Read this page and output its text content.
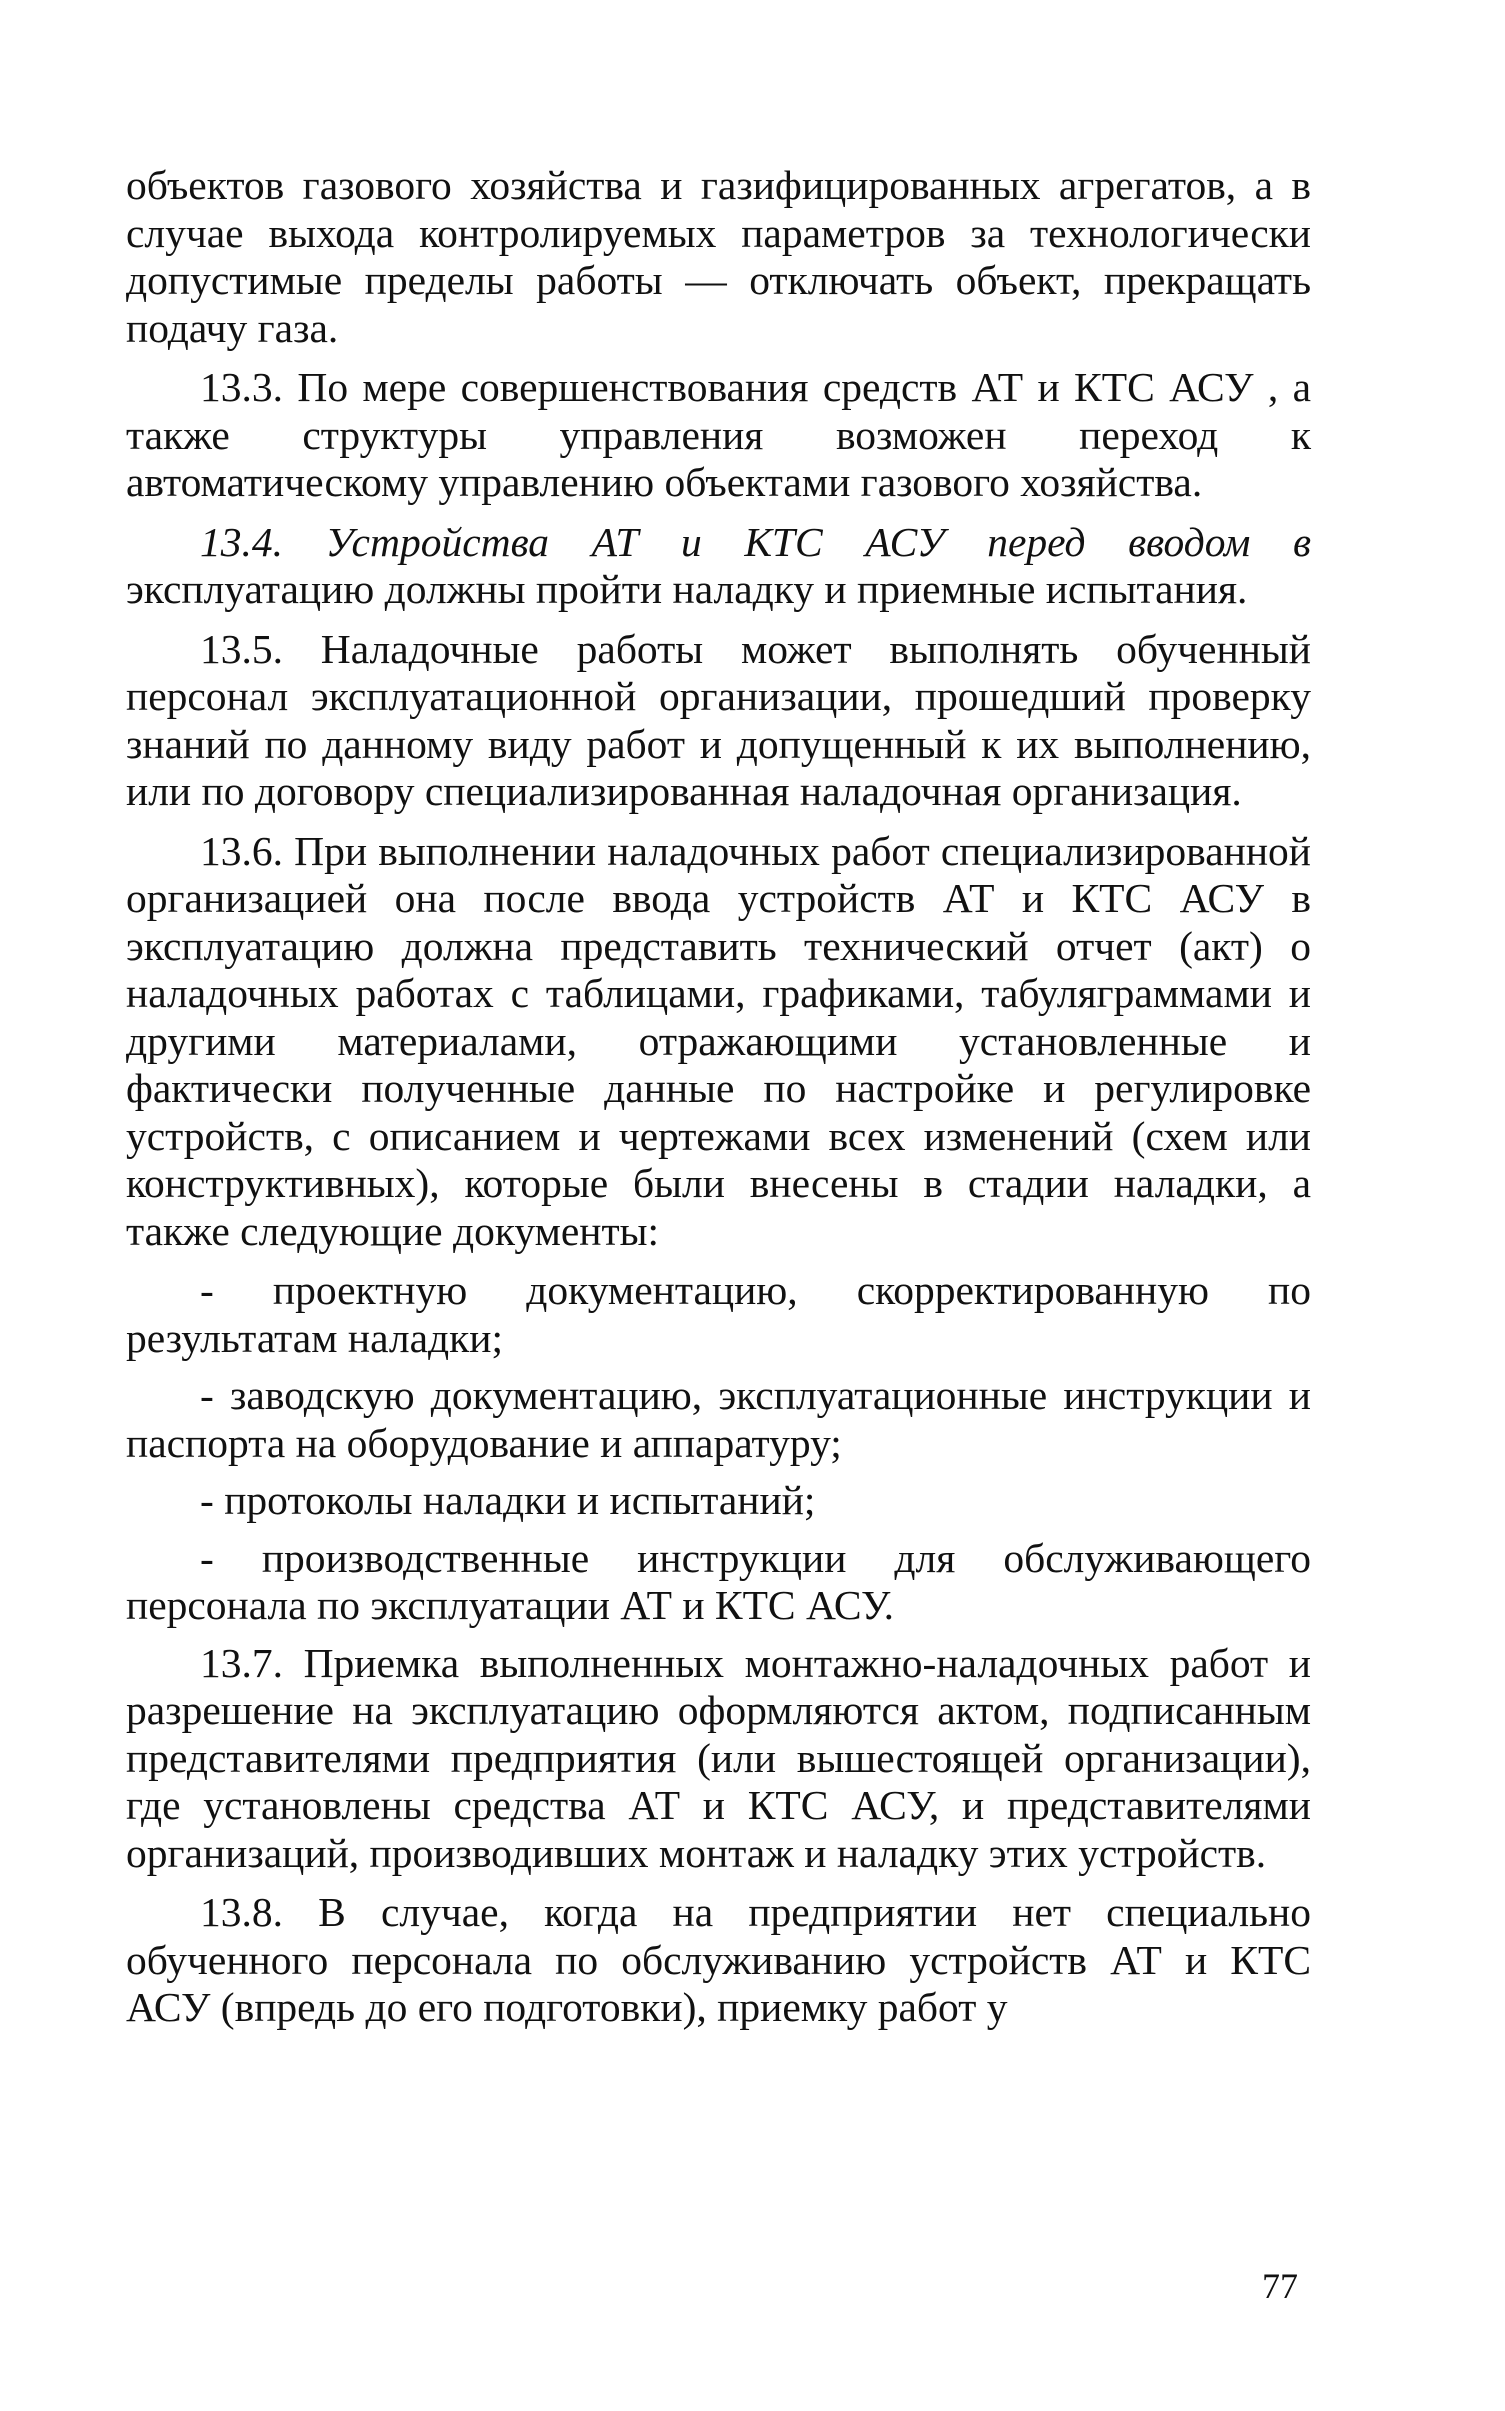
объектов газового хозяйства и газифицированных агрегатов, а в случае выхода контролируемых параметров за технологически допустимые пределы работы — отключать объект, прекращать подачу газа.

13.3. По мере совершенствования средств АТ и КТС АСУ , а также структуры управления возможен переход к автоматическому управлению объектами газового хозяйства.

13.4. Устройства АТ и КТС АСУ перед вводом в эксплуатацию должны пройти наладку и приемные испытания.

13.5. Наладочные работы может выполнять обученный персонал эксплуатационной организации, прошедший проверку знаний по данному виду работ и допущенный к их выполнению, или по договору специализированная наладочная организация.

13.6. При выполнении наладочных работ специализированной организацией она после ввода устройств АТ и КТС АСУ в эксплуатацию должна представить технический отчет (акт) о наладочных работах с таблицами, графиками, табуляграммами и другими материалами, отражающими установленные и фактически полученные данные по настройке и регулировке устройств, с описанием и чертежами всех изменений (схем или конструктивных), которые были внесены в стадии наладки, а также следующие документы:

- проектную документацию, скорректированную по результатам наладки;

- заводскую документацию, эксплуатационные инструкции и паспорта на оборудование и аппаратуру;

- протоколы наладки и испытаний;

- производственные инструкции для обслуживающего персонала по эксплуатации АТ и КТС АСУ.

13.7. Приемка выполненных монтажно-наладочных работ и разрешение на эксплуатацию оформляются актом, подписанным представителями предприятия (или вышестоящей организации), где установлены средства АТ и КТС АСУ, и представителями организаций, производивших монтаж и наладку этих устройств.

13.8. В случае, когда на предприятии нет специально обученного персонала по обслуживанию устройств АТ и КТС АСУ (впредь до его подготовки), приемку работ у

77
